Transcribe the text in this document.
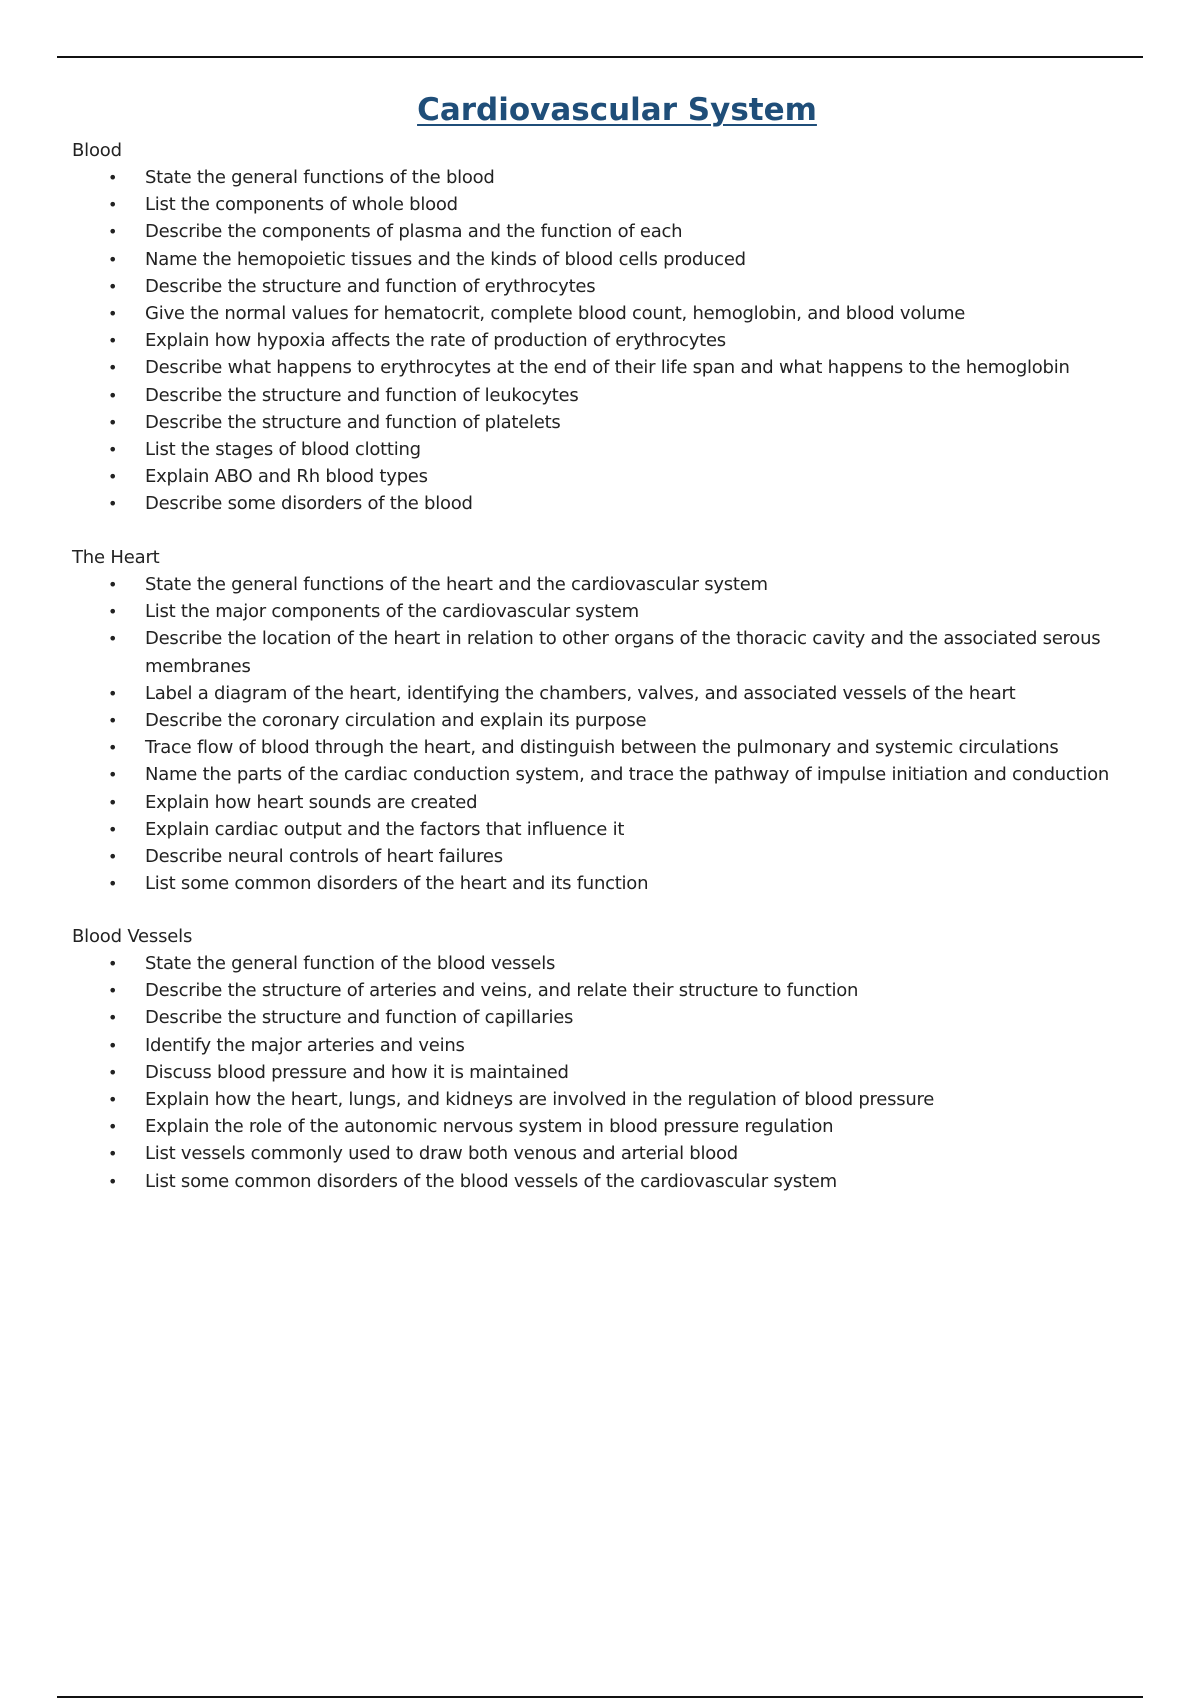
Cardiovascular System

Blood

• State the general functions of the blood
• List the components of whole blood
• Describe the components of plasma and the function of each
• Name the hemopoietic tissues and the kinds of blood cells produced
• Describe the structure and function of erythrocytes
• Give the normal values for hematocrit, complete blood count, hemoglobin, and blood volume
• Explain how hypoxia affects the rate of production of erythrocytes
• Describe what happens to erythrocytes at the end of their life span and what happens to the hemoglobin
• Describe the structure and function of leukocytes
• Describe the structure and function of platelets
• List the stages of blood clotting
• Explain ABO and Rh blood types
• Describe some disorders of the blood

The Heart

• State the general functions of the heart and the cardiovascular system
• List the major components of the cardiovascular system
• Describe the location of the heart in relation to other organs of the thoracic cavity and the associated serous membranes
• Label a diagram of the heart, identifying the chambers, valves, and associated vessels of the heart
• Describe the coronary circulation and explain its purpose
• Trace flow of blood through the heart, and distinguish between the pulmonary and systemic circulations
• Name the parts of the cardiac conduction system, and trace the pathway of impulse initiation and conduction
• Explain how heart sounds are created
• Explain cardiac output and the factors that influence it
• Describe neural controls of heart failures
• List some common disorders of the heart and its function

Blood Vessels

• State the general function of the blood vessels
• Describe the structure of arteries and veins, and relate their structure to function
• Describe the structure and function of capillaries
• Identify the major arteries and veins
• Discuss blood pressure and how it is maintained
• Explain how the heart, lungs, and kidneys are involved in the regulation of blood pressure
• Explain the role of the autonomic nervous system in blood pressure regulation
• List vessels commonly used to draw both venous and arterial blood
• List some common disorders of the blood vessels of the cardiovascular system
